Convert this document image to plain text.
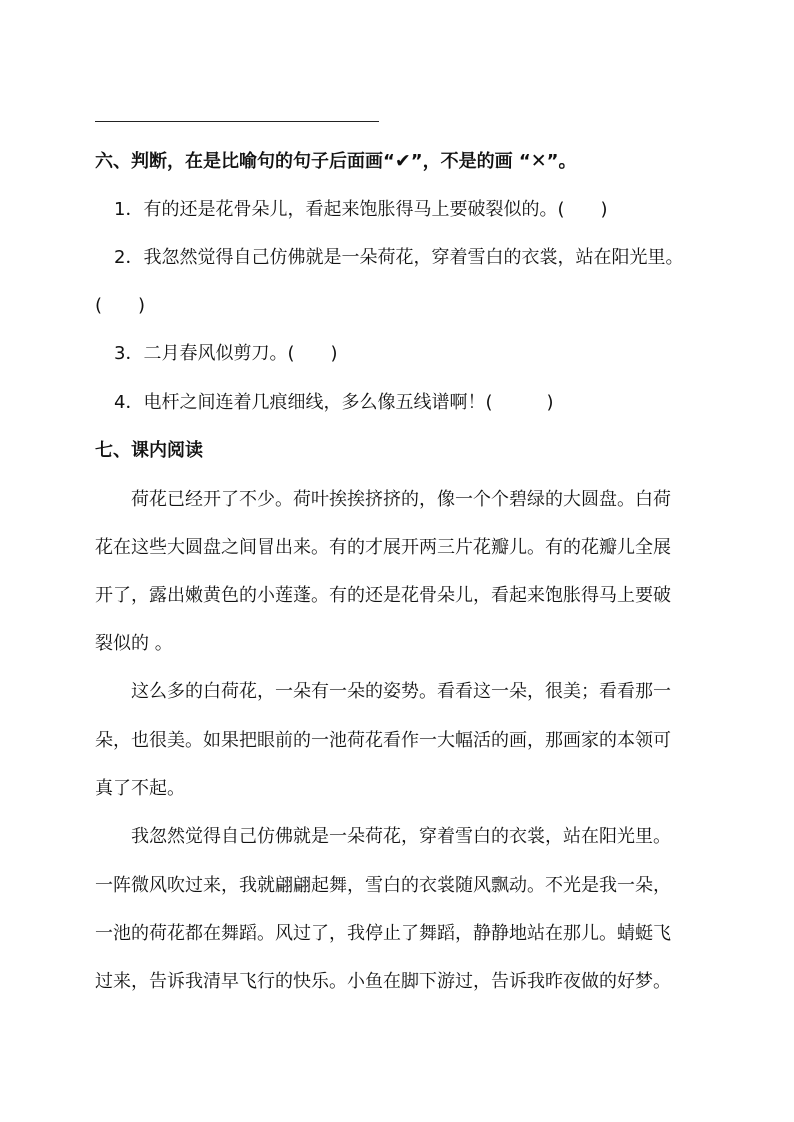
六、判断，在是比喻句的句子后面画“✔”，不是的画 “✕”。
1．有的还是花骨朵儿，看起来饱胀得马上要破裂似的。(　　)
2．我忽然觉得自己仿佛就是一朵荷花，穿着雪白的衣裳，站在阳光里。
(　　)
3．二月春风似剪刀。(　　)
4．电杆之间连着几痕细线，多么像五线谱啊！(　　　)
七、课内阅读
荷花已经开了不少。荷叶挨挨挤挤的，像一个个碧绿的大圆盘。白荷
花在这些大圆盘之间冒出来。有的才展开两三片花瓣儿。有的花瓣儿全展
开了，露出嫩黄色的小莲蓬。有的还是花骨朵儿，看起来饱胀得马上要破
裂似的 。
这么多的白荷花，一朵有一朵的姿势。看看这一朵，很美；看看那一
朵，也很美。如果把眼前的一池荷花看作一大幅活的画，那画家的本领可
真了不起。
我忽然觉得自己仿佛就是一朵荷花，穿着雪白的衣裳，站在阳光里。
一阵微风吹过来，我就翩翩起舞，雪白的衣裳随风飘动。不光是我一朵，
一池的荷花都在舞蹈。风过了，我停止了舞蹈，静静地站在那儿。蜻蜓飞
过来，告诉我清早飞行的快乐。小鱼在脚下游过，告诉我昨夜做的好梦。
